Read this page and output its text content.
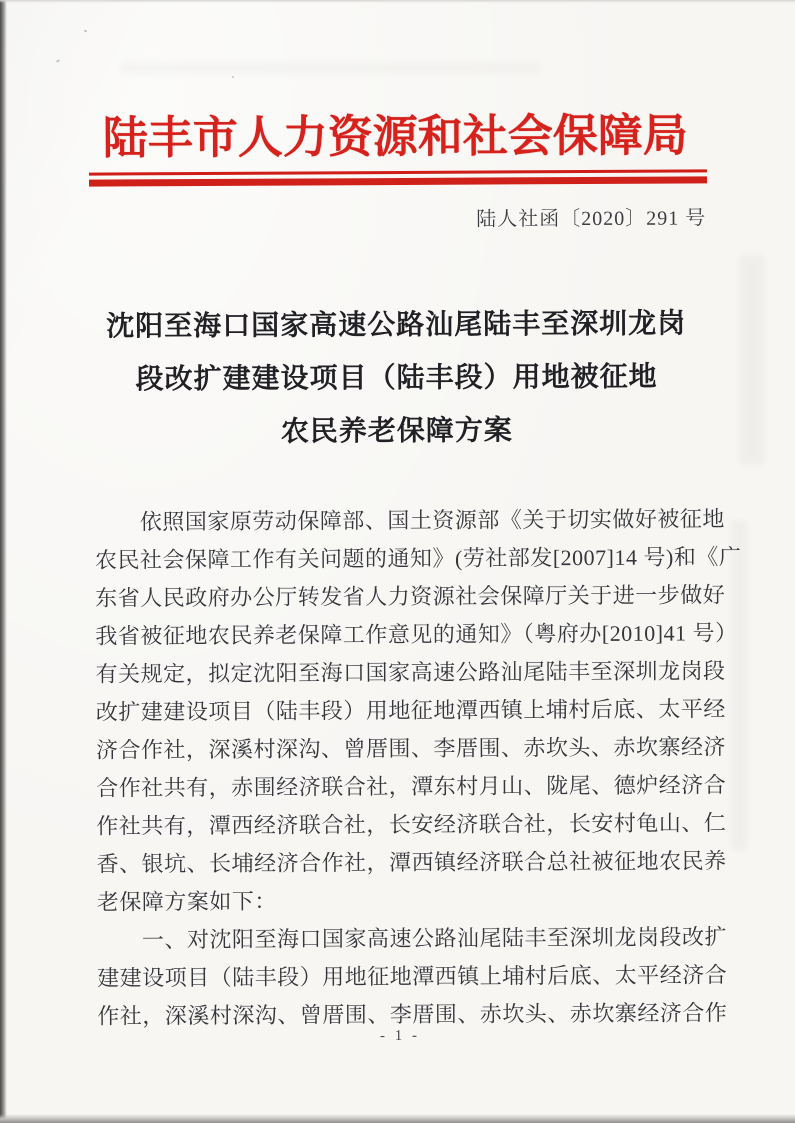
陆丰市人力资源和社会保障局
陆人社函〔2020〕291 号
沈阳至海口国家高速公路汕尾陆丰至深圳龙岗
段改扩建建设项目（陆丰段）用地被征地
农民养老保障方案
依照国家原劳动保障部、国土资源部《关于切实做好被征地
农民社会保障工作有关问题的通知》(劳社部发[2007]14 号)和《广
东省人民政府办公厅转发省人力资源社会保障厅关于进一步做好
我省被征地农民养老保障工作意见的通知》（粤府办[2010]41 号）
有关规定，拟定沈阳至海口国家高速公路汕尾陆丰至深圳龙岗段
改扩建建设项目（陆丰段）用地征地潭西镇上埔村后底、太平经
济合作社，深溪村深沟、曾厝围、李厝围、赤坎头、赤坎寨经济
合作社共有，赤围经济联合社，潭东村月山、陇尾、德炉经济合
作社共有，潭西经济联合社，长安经济联合社，长安村龟山、仁
香、银坑、长埔经济合作社，潭西镇经济联合总社被征地农民养
老保障方案如下：
一、对沈阳至海口国家高速公路汕尾陆丰至深圳龙岗段改扩
建建设项目（陆丰段）用地征地潭西镇上埔村后底、太平经济合
作社，深溪村深沟、曾厝围、李厝围、赤坎头、赤坎寨经济合作
- 1 -
